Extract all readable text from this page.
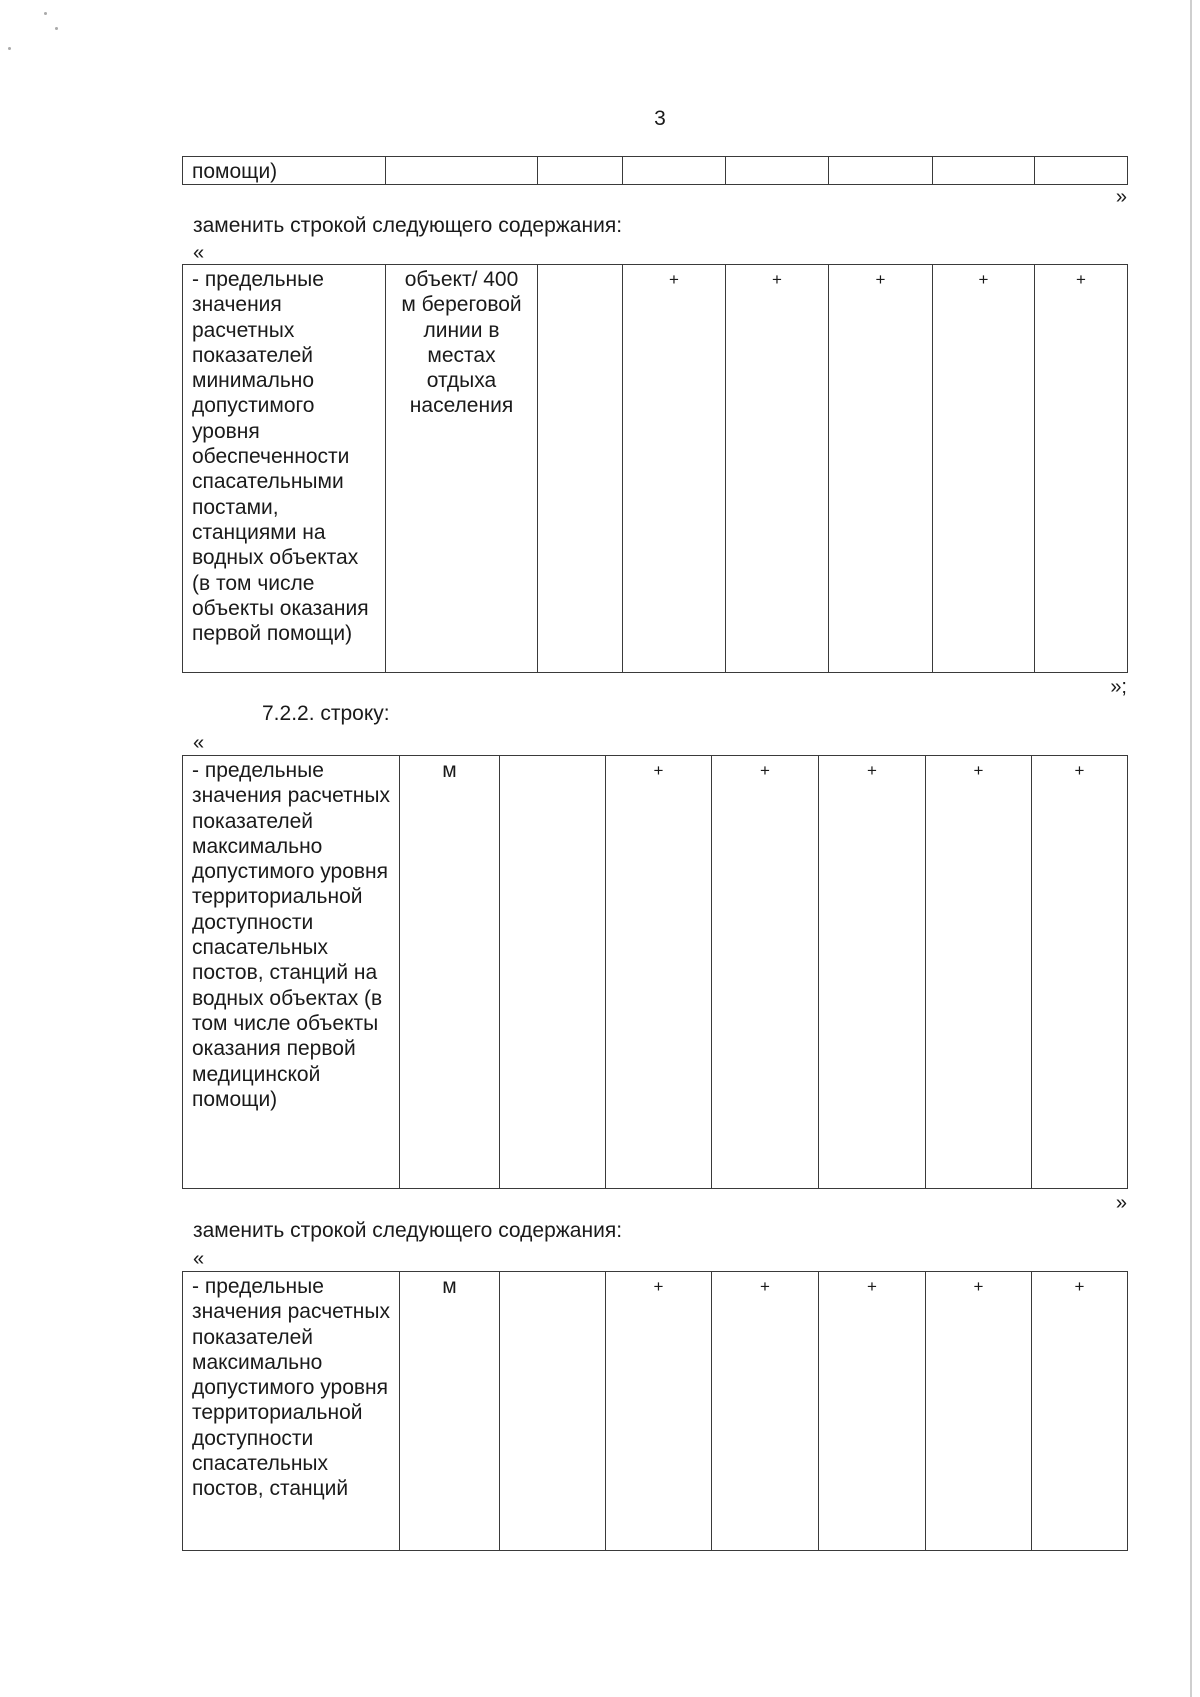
3
помощи)							
»
заменить строкой следующего содержания:
«
- предельные значения расчетных показателей минимально допустимого уровня обеспеченности спасательными постами, станциями на водных объектах (в том числе объекты оказания первой помощи)	объект/ 400 м береговой линии в местах отдыха населения		+	+	+	+	+
»;
7.2.2. строку:
«
- предельные значения расчетных показателей максимально допустимого уровня территориальной доступности спасательных постов, станций на водных объектах (в том числе объекты оказания первой медицинской помощи)	м		+	+	+	+	+
»
заменить строкой следующего содержания:
«
- предельные значения расчетных показателей максимально допустимого уровня территориальной доступности спасательных постов, станций	м		+	+	+	+	+
